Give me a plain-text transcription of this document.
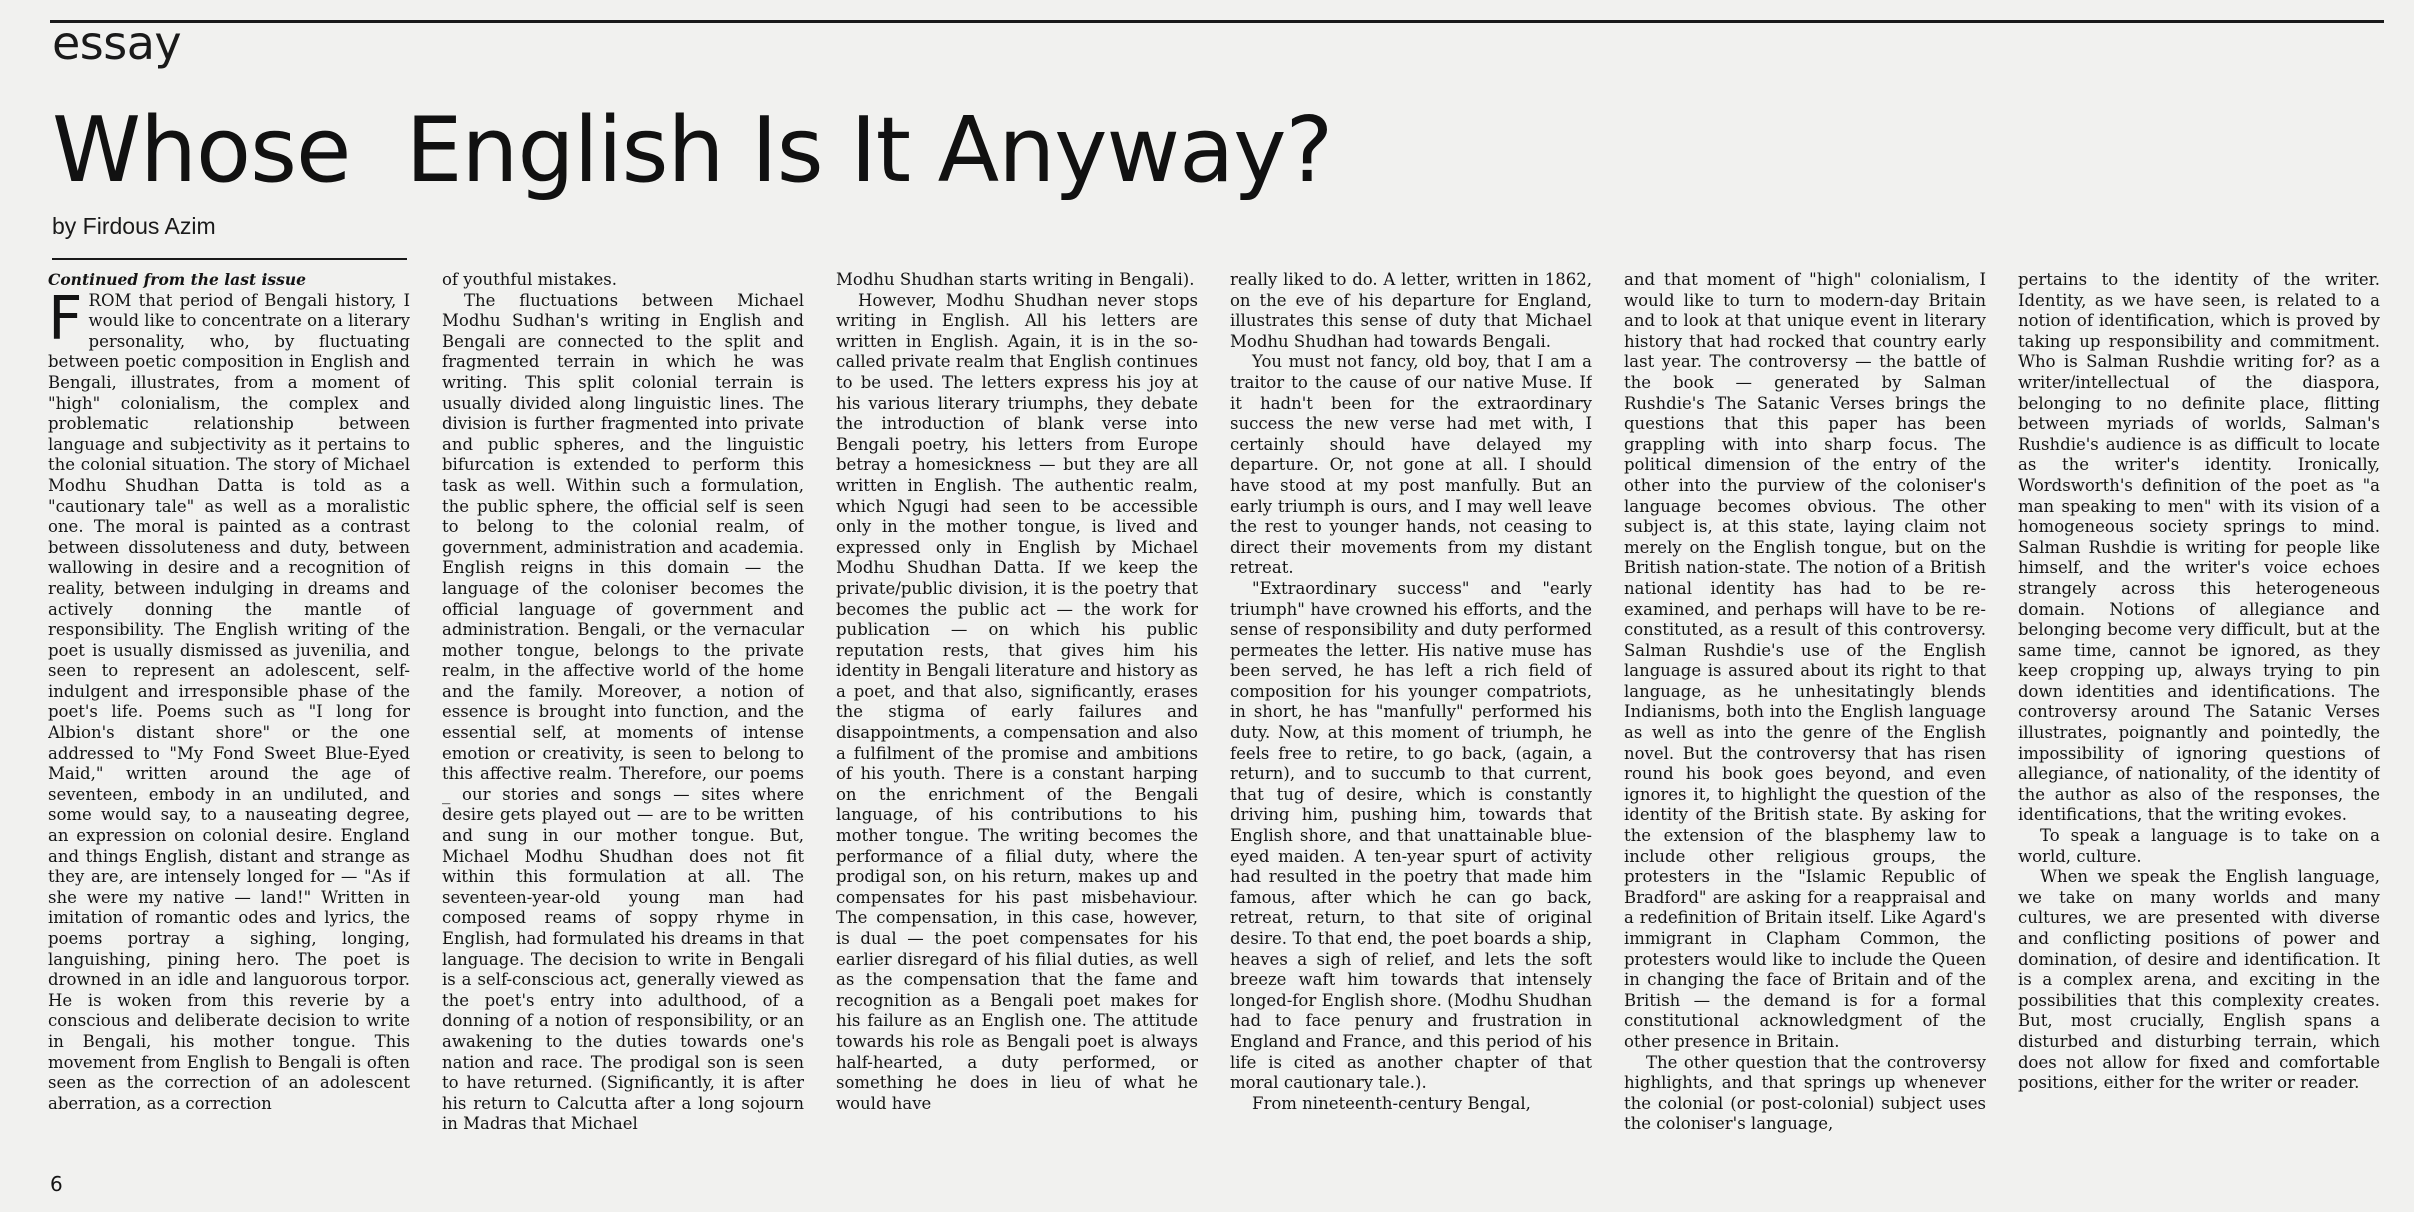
essay
Whose  English Is It Anyway?
by Firdous Azim

Continued from the last issue

FROM that period of Bengali history, I would like to concentrate on a literary personality, who, by fluctuating between poetic composition in English and Bengali, illustrates, from a moment of "high" colonialism, the complex and problematic relationship between language and subjectivity as it pertains to the colonial situation. The story of Michael Modhu Shudhan Datta is told as a "cautionary tale" as well as a moralistic one. The moral is painted as a contrast between dissoluteness and duty, between wallowing in desire and a recognition of reality, between indulging in dreams and actively donning the mantle of responsibility. The English writing of the poet is usually dismissed as juvenilia, and seen to represent an adolescent, self-indulgent and irresponsible phase of the poet's life. Poems such as "I long for Albion's distant shore" or the one addressed to "My Fond Sweet Blue-Eyed Maid," written around the age of seventeen, embody in an undiluted, and some would say, to a nauseating degree, an expression on colonial desire. England and things English, distant and strange as they are, are intensely longed for — "As if she were my native — land!" Written in imitation of romantic odes and lyrics, the poems portray a sighing, longing, languishing, pining hero. The poet is drowned in an idle and languorous torpor. He is woken from this reverie by a conscious and deliberate decision to write in Bengali, his mother tongue. This movement from English to Bengali is often seen as the correction of an adolescent aberration, as a correction

of youthful mistakes.

The fluctuations between Michael Modhu Sudhan's writing in English and Bengali are connected to the split and fragmented terrain in which he was writing. This split colonial terrain is usually divided along linguistic lines. The division is further fragmented into private and public spheres, and the linguistic bifurcation is extended to perform this task as well. Within such a formulation, the public sphere, the official self is seen to belong to the colonial realm, of government, administration and academia. English reigns in this domain — the language of the coloniser becomes the official language of government and administration. Bengali, or the vernacular mother tongue, belongs to the private realm, in the affective world of the home and the family. Moreover, a notion of essence is brought into function, and the essential self, at moments of intense emotion or creativity, is seen to belong to this affective realm. Therefore, our poems _ our stories and songs — sites where desire gets played out — are to be written and sung in our mother tongue. But, Michael Modhu Shudhan does not fit within this formulation at all. The seventeen-year-old young man had composed reams of soppy rhyme in English, had formulated his dreams in that language. The decision to write in Bengali is a self-conscious act, generally viewed as the poet's entry into adulthood, of a donning of a notion of responsibility, or an awakening to the duties towards one's nation and race. The prodigal son is seen to have returned. (Significantly, it is after his return to Calcutta after a long sojourn in Madras that Michael

Modhu Shudhan starts writing in Bengali).

However, Modhu Shudhan never stops writing in English. All his letters are written in English. Again, it is in the so-called private realm that English continues to be used. The letters express his joy at his various literary triumphs, they debate the introduction of blank verse into Bengali poetry, his letters from Europe betray a homesickness — but they are all written in English. The authentic realm, which Ngugi had seen to be accessible only in the mother tongue, is lived and expressed only in English by Michael Modhu Shudhan Datta. If we keep the private/public division, it is the poetry that becomes the public act — the work for publication — on which his public reputation rests, that gives him his identity in Bengali literature and history as a poet, and that also, significantly, erases the stigma of early failures and disappointments, a compensation and also a fulfilment of the promise and ambitions of his youth. There is a constant harping on the enrichment of the Bengali language, of his contributions to his mother tongue. The writing becomes the performance of a filial duty, where the prodigal son, on his return, makes up and compensates for his past misbehaviour. The compensation, in this case, however, is dual — the poet compensates for his earlier disregard of his filial duties, as well as the compensation that the fame and recognition as a Bengali poet makes for his failure as an English one. The attitude towards his role as Bengali poet is always half-hearted, a duty performed, or something he does in lieu of what he would have

really liked to do. A letter, written in 1862, on the eve of his departure for England, illustrates this sense of duty that Michael Modhu Shudhan had towards Bengali.

You must not fancy, old boy, that I am a traitor to the cause of our native Muse. If it hadn't been for the extraordinary success the new verse had met with, I certainly should have delayed my departure. Or, not gone at all. I should have stood at my post manfully. But an early triumph is ours, and I may well leave the rest to younger hands, not ceasing to direct their movements from my distant retreat.

"Extraordinary success" and "early triumph" have crowned his efforts, and the sense of responsibility and duty performed permeates the letter. His native muse has been served, he has left a rich field of composition for his younger compatriots, in short, he has "manfully" performed his duty. Now, at this moment of triumph, he feels free to retire, to go back, (again, a return), and to succumb to that current, that tug of desire, which is constantly driving him, pushing him, towards that English shore, and that unattainable blue-eyed maiden. A ten-year spurt of activity had resulted in the poetry that made him famous, after which he can go back, retreat, return, to that site of original desire. To that end, the poet boards a ship, heaves a sigh of relief, and lets the soft breeze waft him towards that intensely longed-for English shore. (Modhu Shudhan had to face penury and frustration in England and France, and this period of his life is cited as another chapter of that moral cautionary tale.).

From nineteenth-century Bengal,

and that moment of "high" colonialism, I would like to turn to modern-day Britain and to look at that unique event in literary history that had rocked that country early last year. The controversy — the battle of the book — generated by Salman Rushdie's The Satanic Verses brings the questions that this paper has been grappling with into sharp focus. The political dimension of the entry of the other into the purview of the coloniser's language becomes obvious. The other subject is, at this state, laying claim not merely on the English tongue, but on the British nation-state. The notion of a British national identity has had to be re-examined, and perhaps will have to be re-constituted, as a result of this controversy. Salman Rushdie's use of the English language is assured about its right to that language, as he unhesitatingly blends Indianisms, both into the English language as well as into the genre of the English novel. But the controversy that has risen round his book goes beyond, and even ignores it, to highlight the question of the identity of the British state. By asking for the extension of the blasphemy law to include other religious groups, the protesters in the "Islamic Republic of Bradford" are asking for a reappraisal and a redefinition of Britain itself. Like Agard's immigrant in Clapham Common, the protesters would like to include the Queen in changing the face of Britain and of the British — the demand is for a formal constitutional acknowledgment of the other presence in Britain.

The other question that the controversy highlights, and that springs up whenever the colonial (or post-colonial) subject uses the coloniser's language,

pertains to the identity of the writer. Identity, as we have seen, is related to a notion of identification, which is proved by taking up responsibility and commitment. Who is Salman Rushdie writing for? as a writer/intellectual of the diaspora, belonging to no definite place, flitting between myriads of worlds, Salman's Rushdie's audience is as difficult to locate as the writer's identity. Ironically, Wordsworth's definition of the poet as "a man speaking to men" with its vision of a homogeneous society springs to mind. Salman Rushdie is writing for people like himself, and the writer's voice echoes strangely across this heterogeneous domain. Notions of allegiance and belonging become very difficult, but at the same time, cannot be ignored, as they keep cropping up, always trying to pin down identities and identifications. The controversy around The Satanic Verses illustrates, poignantly and pointedly, the impossibility of ignoring questions of allegiance, of nationality, of the identity of the author as also of the responses, the identifications, that the writing evokes.

To speak a language is to take on a world, culture.

When we speak the English language, we take on many worlds and many cultures, we are presented with diverse and conflicting positions of power and domination, of desire and identification. It is a complex arena, and exciting in the possibilities that this complexity creates. But, most crucially, English spans a disturbed and disturbing terrain, which does not allow for fixed and comfortable positions, either for the writer or reader.

6
